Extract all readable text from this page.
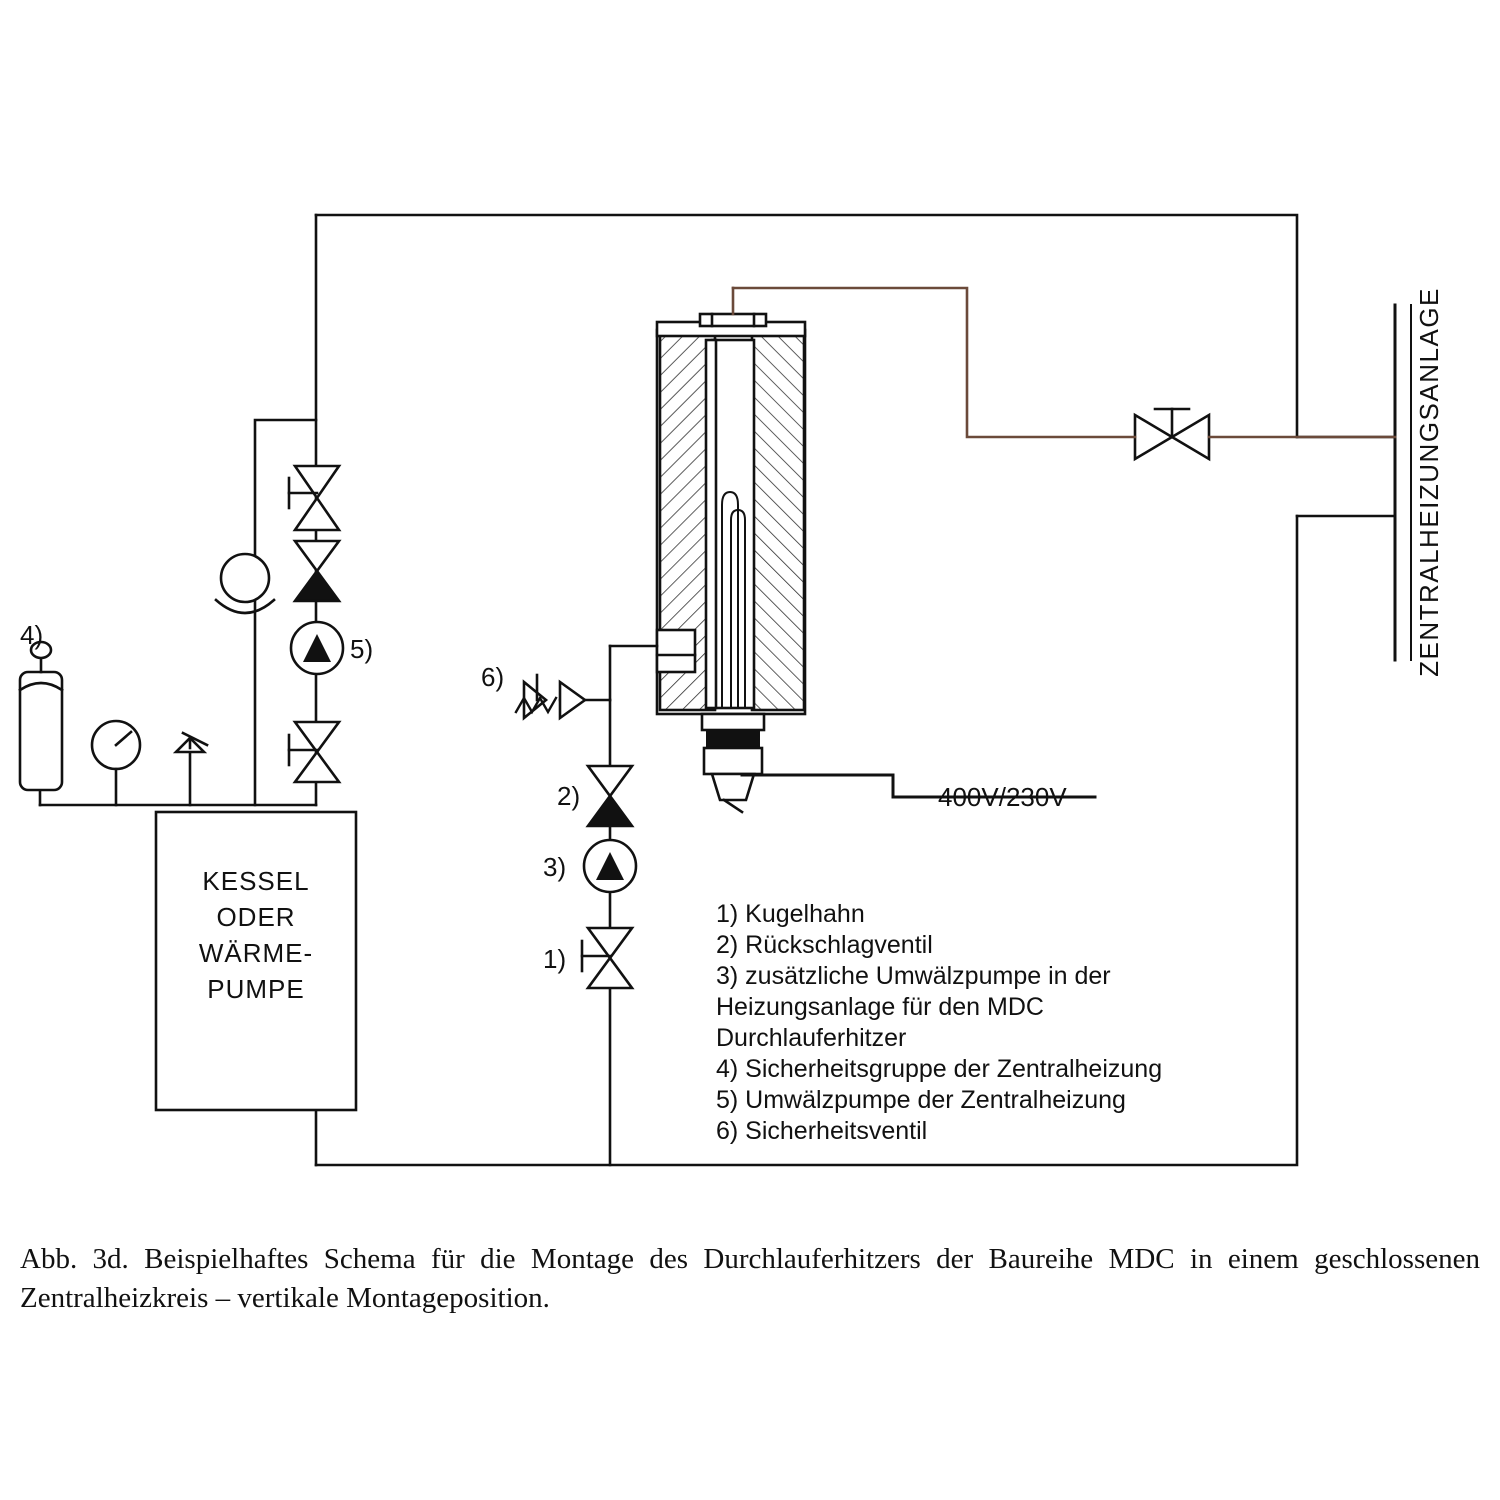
KESSEL
ODER
WÄRME-
PUMPE
ZENTRALHEIZUNGSANLAGE
400V/230V
4)	5)
6)
2)
3)
1)
1) Kugelhahn
2) Rückschlagventil
3) zusätzliche Umwälzpumpe in der
Heizungsanlage für den MDC
Durchlauferhitzer
4) Sicherheitsgruppe der Zentralheizung
5) Umwälzpumpe der Zentralheizung
6) Sicherheitsventil
Abb. 3d. Beispielhaftes Schema für die Montage des Durchlauferhitzers der Baureihe MDC in einem geschlossenen Zentralheizkreis – vertikale Montageposition.
